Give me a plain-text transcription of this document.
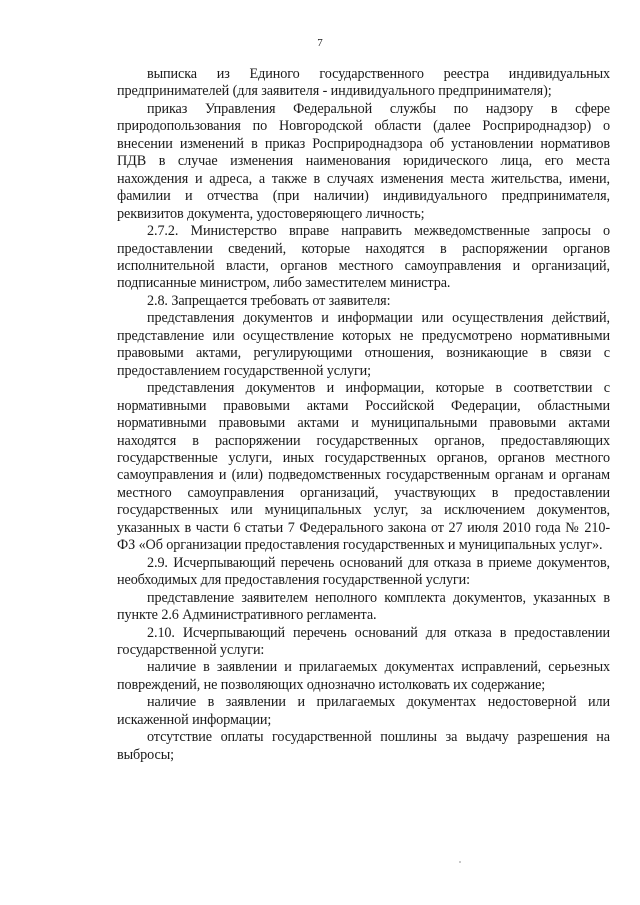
7

выписка из Единого государственного реестра индивидуальных предпринимателей (для заявителя - индивидуального предпринимателя);

приказ Управления Федеральной службы по надзору в сфере природопользования по Новгородской области (далее Росприроднадзор) о внесении изменений в приказ Росприроднадзора об установлении нормативов ПДВ в случае изменения наименования юридического лица, его места нахождения и адреса, а также в случаях изменения места жительства, имени, фамилии и отчества (при наличии) индивидуального предпринимателя, реквизитов документа, удостоверяющего личность;

2.7.2. Министерство вправе направить межведомственные запросы о предоставлении сведений, которые находятся в распоряжении органов исполнительной власти, органов местного самоуправления и организаций, подписанные министром, либо заместителем министра.

2.8. Запрещается требовать от заявителя:

представления документов и информации или осуществления действий, представление или осуществление которых не предусмотрено нормативными правовыми актами, регулирующими отношения, возникающие в связи с предоставлением государственной услуги;

представления документов и информации, которые в соответствии с нормативными правовыми актами Российской Федерации, областными нормативными правовыми актами и муниципальными правовыми актами находятся в распоряжении государственных органов, предоставляющих государственные услуги, иных государственных органов, органов местного самоуправления и (или) подведомственных государственным органам и органам местного самоуправления организаций, участвующих в предоставлении государственных или муниципальных услуг, за исключением документов, указанных в части 6 статьи 7 Федерального закона от 27 июля 2010 года № 210-ФЗ «Об организации предоставления государственных и муниципальных услуг».

2.9. Исчерпывающий перечень оснований для отказа в приеме документов, необходимых для предоставления государственной услуги:

представление заявителем неполного комплекта документов, указанных в пункте 2.6 Административного регламента.

2.10. Исчерпывающий перечень оснований для отказа в предоставлении государственной услуги:

наличие в заявлении и прилагаемых документах исправлений, серьезных повреждений, не позволяющих однозначно истолковать их содержание;

наличие в заявлении и прилагаемых документах недостоверной или искаженной информации;

отсутствие оплаты государственной пошлины за выдачу разрешения на выбросы;
